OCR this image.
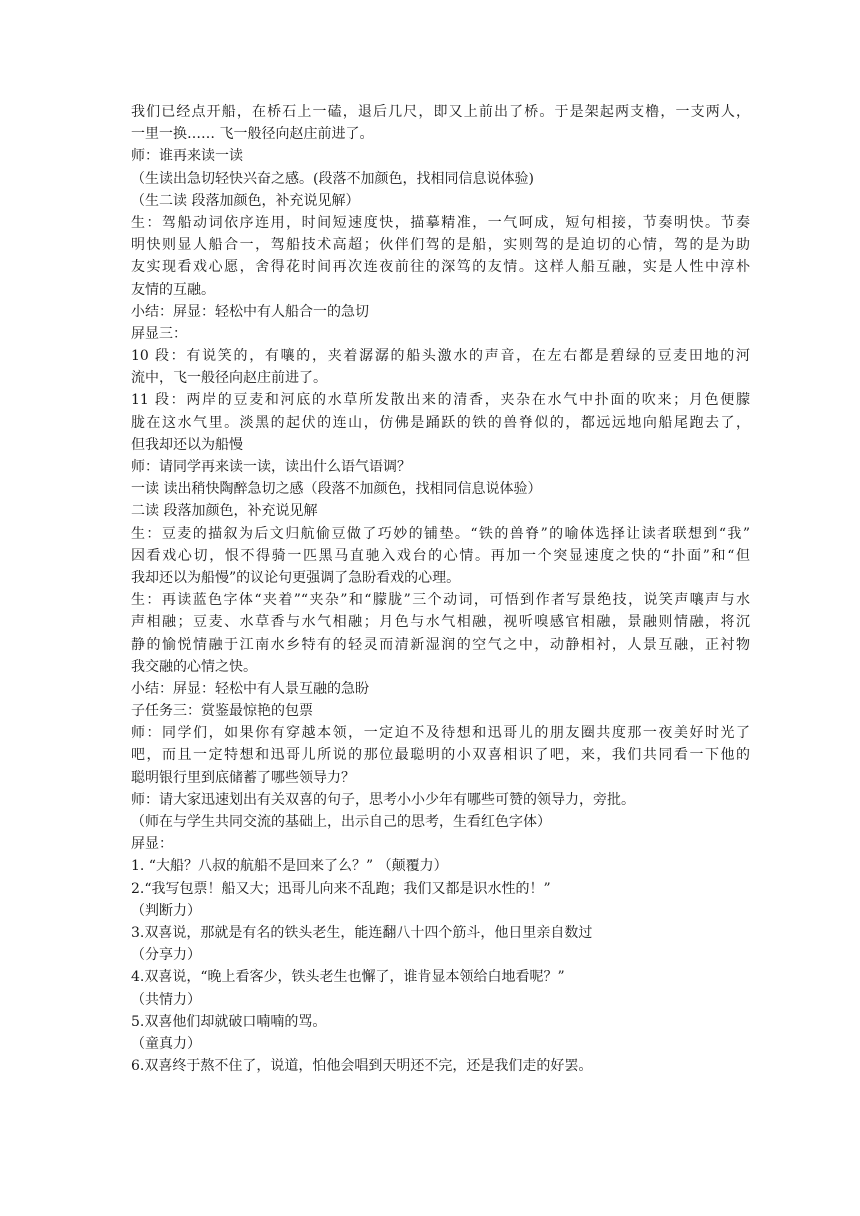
我们已经点开船，在桥石上一磕，退后几尺，即又上前出了桥。于是架起两支橹，一支两人，
一里一换…… 飞一般径向赵庄前进了。
师：谁再来读一读
（生读出急切轻快兴奋之感。(段落不加颜色，找相同信息说体验)
（生二读 段落加颜色，补充说见解）
生：驾船动词依序连用，时间短速度快，描摹精准，一气呵成，短句相接，节奏明快。节奏
明快则显人船合一，驾船技术高超；伙伴们驾的是船，实则驾的是迫切的心情，驾的是为助
友实现看戏心愿，舍得花时间再次连夜前往的深笃的友情。这样人船互融，实是人性中淳朴
友情的互融。
小结：屏显：轻松中有人船合一的急切
屏显三：
10 段：有说笑的，有嚷的，夹着潺潺的船头激水的声音，在左右都是碧绿的豆麦田地的河
流中，飞一般径向赵庄前进了。
11 段：两岸的豆麦和河底的水草所发散出来的清香，夹杂在水气中扑面的吹来；月色便朦
胧在这水气里。淡黑的起伏的连山，仿佛是踊跃的铁的兽脊似的，都远远地向船尾跑去了，
但我却还以为船慢
师：请同学再来读一读，读出什么语气语调？
一读 读出稍快陶醉急切之感（段落不加颜色，找相同信息说体验）
二读 段落加颜色，补充说见解
生：豆麦的描叙为后文归航偷豆做了巧妙的铺垫。“铁的兽脊”的喻体选择让读者联想到“我”
因看戏心切，恨不得骑一匹黑马直驰入戏台的心情。再加一个突显速度之快的“扑面”和“但
我却还以为船慢”的议论句更强调了急盼看戏的心理。
生：再读蓝色字体“夹着”“夹杂”和“朦胧”三个动词，可悟到作者写景绝技，说笑声嚷声与水
声相融；豆麦、水草香与水气相融；月色与水气相融，视听嗅感官相融，景融则情融，将沉
静的愉悦情融于江南水乡特有的轻灵而清新湿润的空气之中，动静相衬，人景互融，正衬物
我交融的心情之快。
小结：屏显：轻松中有人景互融的急盼
子任务三：赏鉴最惊艳的包票
师：同学们，如果你有穿越本领，一定迫不及待想和迅哥儿的朋友圈共度那一夜美好时光了
吧，而且一定特想和迅哥儿所说的那位最聪明的小双喜相识了吧，来，我们共同看一下他的
聪明银行里到底储蓄了哪些领导力？
师：请大家迅速划出有关双喜的句子，思考小小少年有哪些可赞的领导力，旁批。
（师在与学生共同交流的基础上，出示自己的思考，生看红色字体）
屏显：
1. “大船？八叔的航船不是回来了么？” （颠覆力）
2.“我写包票！船又大；迅哥儿向来不乱跑；我们又都是识水性的！”
（判断力）
3.双喜说，那就是有名的铁头老生，能连翻八十四个筋斗，他日里亲自数过
（分享力）
4.双喜说，“晚上看客少，铁头老生也懈了，谁肯显本领给白地看呢？”
（共情力）
5.双喜他们却就破口喃喃的骂。
（童真力）
6.双喜终于熬不住了，说道，怕他会唱到天明还不完，还是我们走的好罢。
